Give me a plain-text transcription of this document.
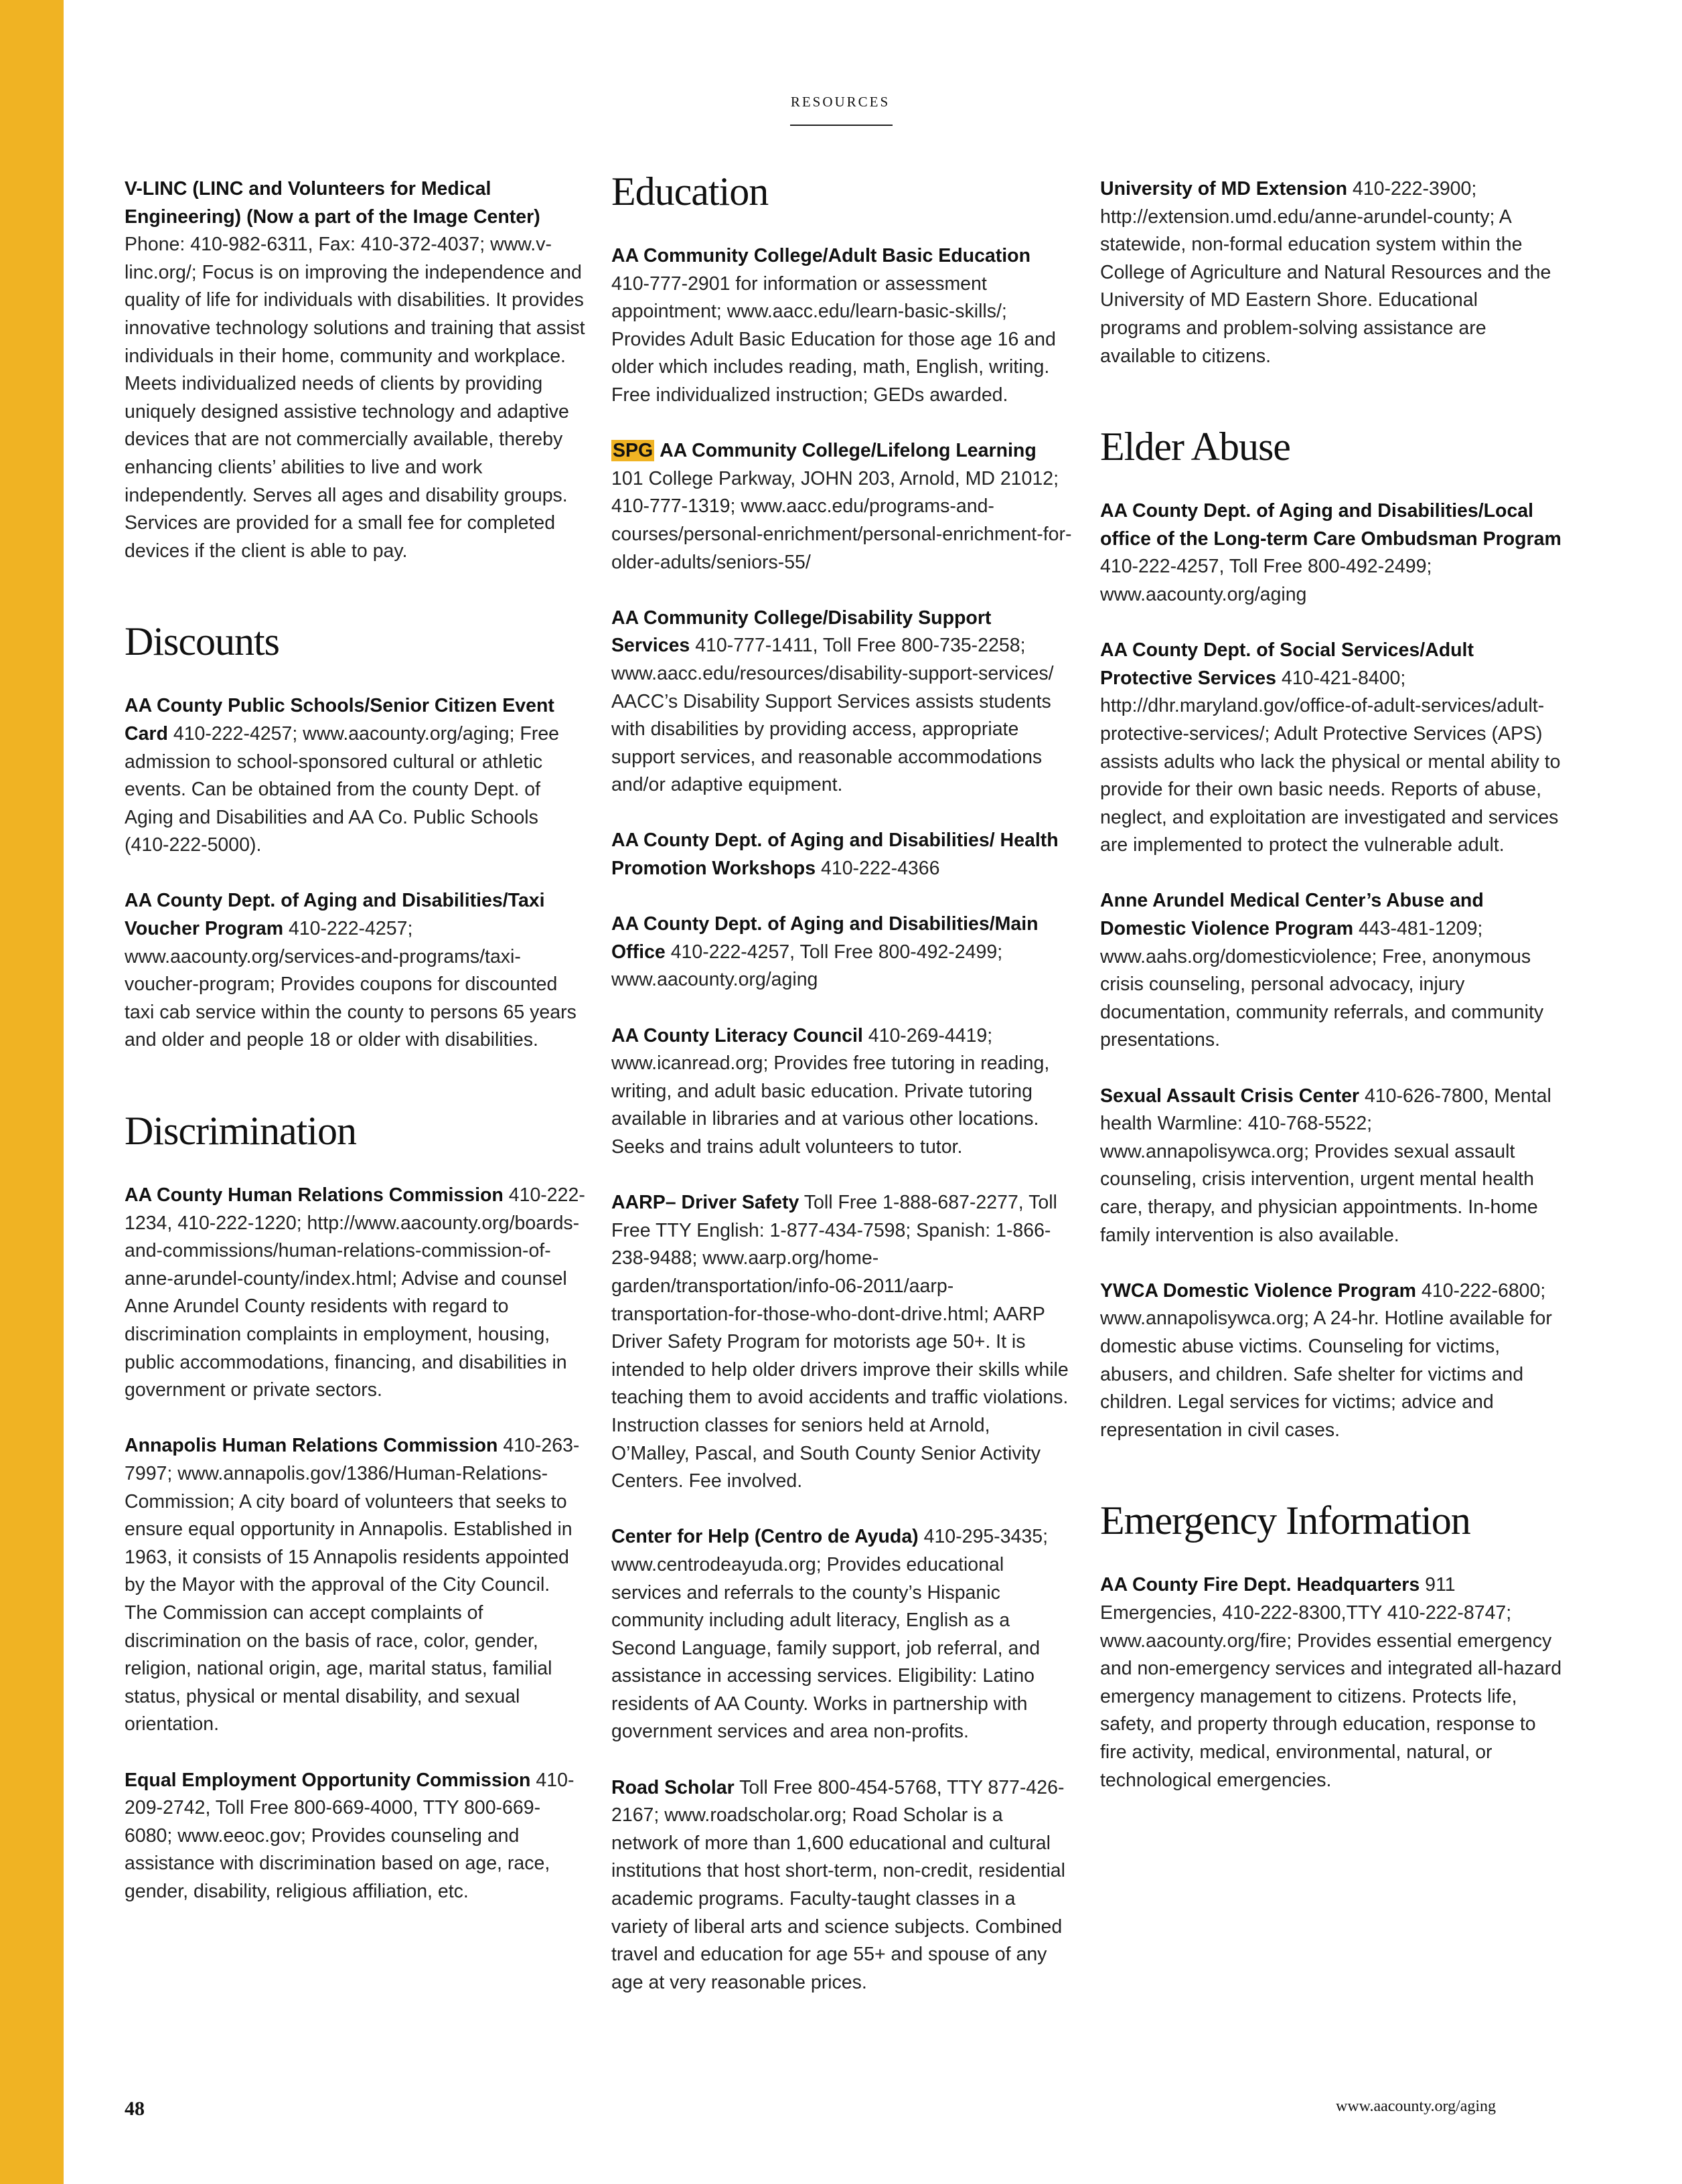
RESOURCES

V-LINC (LINC and Volunteers for Medical Engineering) (Now a part of the Image Center) Phone: 410-982-6311, Fax: 410-372-4037; www.v-linc.org/; Focus is on improving the independence and quality of life for individuals with disabilities. It provides innovative technology solutions and training that assist individuals in their home, community and workplace. Meets individualized needs of clients by providing uniquely designed assistive technology and adaptive devices that are not commercially available, thereby enhancing clients’ abilities to live and work independently. Serves all ages and disability groups. Services are provided for a small fee for completed devices if the client is able to pay.

Discounts

AA County Public Schools/Senior Citizen Event Card 410-222-4257; www.aacounty.org/aging; Free admission to school-sponsored cultural or athletic events. Can be obtained from the county Dept. of Aging and Disabilities and AA Co. Public Schools (410-222-5000).

AA County Dept. of Aging and Disabilities/Taxi Voucher Program 410-222-4257; www.aacounty.org/services-and-programs/taxi-voucher-program; Provides coupons for discounted taxi cab service within the county to persons 65 years and older and people 18 or older with disabilities.

Discrimination

AA County Human Relations Commission 410-222-1234, 410-222-1220; http://www.aacounty.org/boards-and-commissions/human-relations-commission-of-anne-arundel-county/index.html; Advise and counsel Anne Arundel County residents with regard to discrimination complaints in employment, housing, public accommodations, financing, and disabilities in government or private sectors.

Annapolis Human Relations Commission 410-263-7997; www.annapolis.gov/1386/Human-Relations-Commission; A city board of volunteers that seeks to ensure equal opportunity in Annapolis. Established in 1963, it consists of 15 Annapolis residents appointed by the Mayor with the approval of the City Council. The Commission can accept complaints of discrimination on the basis of race, color, gender, religion, national origin, age, marital status, familial status, physical or mental disability, and sexual orientation.

Equal Employment Opportunity Commission 410-209-2742, Toll Free 800-669-4000, TTY 800-669-6080; www.eeoc.gov; Provides counseling and assistance with discrimination based on age, race, gender, disability, religious affiliation, etc.

Education

AA Community College/Adult Basic Education 410-777-2901 for information or assessment appointment; www.aacc.edu/learn-basic-skills/; Provides Adult Basic Education for those age 16 and older which includes reading, math, English, writing. Free individualized instruction; GEDs awarded.

SPG AA Community College/Lifelong Learning 101 College Parkway, JOHN 203, Arnold, MD 21012; 410-777-1319; www.aacc.edu/programs-and-courses/personal-enrichment/personal-enrichment-for-older-adults/seniors-55/

AA Community College/Disability Support Services 410-777-1411, Toll Free 800-735-2258; www.aacc.edu/resources/disability-support-services/ AACC’s Disability Support Services assists students with disabilities by providing access, appropriate support services, and reasonable accommodations and/or adaptive equipment.

AA County Dept. of Aging and Disabilities/ Health Promotion Workshops 410-222-4366

AA County Dept. of Aging and Disabilities/Main Office 410-222-4257, Toll Free 800-492-2499; www.aacounty.org/aging

AA County Literacy Council 410-269-4419; www.icanread.org; Provides free tutoring in reading, writing, and adult basic education. Private tutoring available in libraries and at various other locations. Seeks and trains adult volunteers to tutor.

AARP– Driver Safety Toll Free 1-888-687-2277, Toll Free TTY English: 1-877-434-7598; Spanish: 1-866-238-9488; www.aarp.org/home-garden/transportation/info-06-2011/aarp-transportation-for-those-who-dont-drive.html; AARP Driver Safety Program for motorists age 50+. It is intended to help older drivers improve their skills while teaching them to avoid accidents and traffic violations. Instruction classes for seniors held at Arnold, O’Malley, Pascal, and South County Senior Activity Centers. Fee involved.

Center for Help (Centro de Ayuda) 410-295-3435; www.centrodeayuda.org; Provides educational services and referrals to the county’s Hispanic community including adult literacy, English as a Second Language, family support, job referral, and assistance in accessing services. Eligibility: Latino residents of AA County. Works in partnership with government services and area non-profits.

Road Scholar Toll Free 800-454-5768, TTY 877-426-2167; www.roadscholar.org; Road Scholar is a network of more than 1,600 educational and cultural institutions that host short-term, non-credit, residential academic programs. Faculty-taught classes in a variety of liberal arts and science subjects. Combined travel and education for age 55+ and spouse of any age at very reasonable prices.

University of MD Extension 410-222-3900; http://extension.umd.edu/anne-arundel-county; A statewide, non-formal education system within the College of Agriculture and Natural Resources and the University of MD Eastern Shore. Educational programs and problem-solving assistance are available to citizens.

Elder Abuse

AA County Dept. of Aging and Disabilities/Local office of the Long-term Care Ombudsman Program 410-222-4257, Toll Free 800-492-2499; www.aacounty.org/aging

AA County Dept. of Social Services/Adult Protective Services 410-421-8400; http://dhr.maryland.gov/office-of-adult-services/adult-protective-services/; Adult Protective Services (APS) assists adults who lack the physical or mental ability to provide for their own basic needs. Reports of abuse, neglect, and exploitation are investigated and services are implemented to protect the vulnerable adult.

Anne Arundel Medical Center’s Abuse and Domestic Violence Program 443-481-1209; www.aahs.org/domesticviolence; Free, anonymous crisis counseling, personal advocacy, injury documentation, community referrals, and community presentations.

Sexual Assault Crisis Center 410-626-7800, Mental health Warmline: 410-768-5522; www.annapolisywca.org; Provides sexual assault counseling, crisis intervention, urgent mental health care, therapy, and physician appointments. In-home family intervention is also available.

YWCA Domestic Violence Program 410-222-6800; www.annapolisywca.org; A 24-hr. Hotline available for domestic abuse victims. Counseling for victims, abusers, and children. Safe shelter for victims and children. Legal services for victims; advice and representation in civil cases.

Emergency Information

AA County Fire Dept. Headquarters 911 Emergencies, 410-222-8300,TTY 410-222-8747; www.aacounty.org/fire; Provides essential emergency and non-emergency services and integrated all-hazard emergency management to citizens. Protects life, safety, and property through education, response to fire activity, medical, environmental, natural, or technological emergencies.

48	www.aacounty.org/aging
